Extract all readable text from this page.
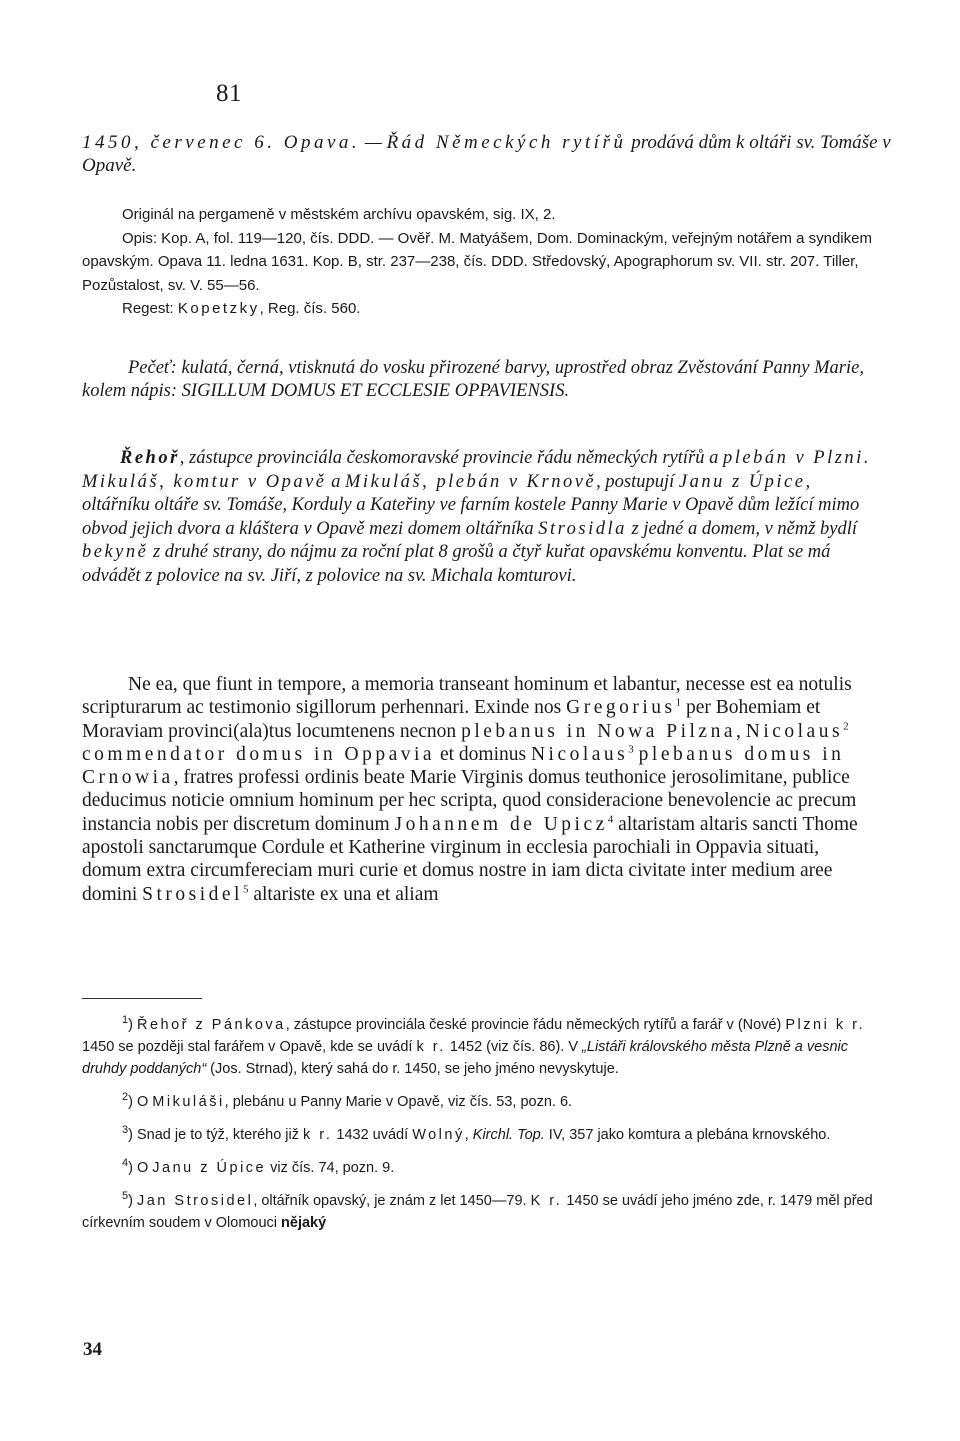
81
1450, červenec 6. Opava. — Řád Německých rytířů prodává dům k oltáři sv. Tomáše v Opavě.

Originál na pergameně v městském archívu opavském, sig. IX, 2.

Opis: Kop. A, fol. 119—120, čís. DDD. — Ověř. M. Matyášem, Dom. Dominackým, veřejným notářem a syndikem opavským. Opava 11. ledna 1631. Kop. B, str. 237—238, čís. DDD. Středovský, Apographorum sv. VII. str. 207. Tiller, Pozůstalost, sv. V. 55—56.

Regest: Kopetzky, Reg. čís. 560.

Pečeť: kulatá, černá, vtisknutá do vosku přirozené barvy, uprostřed obraz Zvěstování Panny Marie, kolem nápis: SIGILLUM DOMUS ET ECCLESIE OPPAVIENSIS.

Řehoř, zástupce provinciála českomoravské provincie řádu německých rytířů a plebán v Plzni. Mikuláš, komtur v Opavě a Mikuláš, plebán v Krnově, postupují Janu z Úpice, oltářníku oltáře sv. Tomáše, Korduly a Kateřiny ve farním kostele Panny Marie v Opavě dům ležící mimo obvod jejich dvora a kláštera v Opavě mezi domem oltářníka Strosidla z jedné a domem, v němž bydlí bekyně z druhé strany, do nájmu za roční plat 8 grošů a čtyř kuřat opavskému konventu. Plat se má odvádět z polovice na sv. Jiří, z polovice na sv. Michala komturovi.

Ne ea, que fiunt in tempore, a memoria transeant hominum et labantur, necesse est ea notulis scripturarum ac testimonio sigillorum perhennari. Exinde nos Gregorius$^1$ per Bohemiam et Moraviam provinci(ala)tus locumtenens necnon plebanus in Nowa Pilzna, Nicolaus$^2$ commendator domus in Oppavia et dominus Nicolaus$^3$ plebanus domus in Crnowia, fratres professi ordinis beate Marie Virginis domus teuthonice jerosolimitane, publice deducimus noticie omnium hominum per hec scripta, quod consideracione benevolencie ac precum instancia nobis per discretum dominum Johannem de Upicz$^4$ altaristam altaris sancti Thome apostoli sanctarumque Cordule et Katherine virginum in ecclesia parochiali in Oppavia situati, domum extra circumfereciam muri curie et domus nostre in iam dicta civitate inter medium aree domini Strosidel$^5$ altariste ex una et aliam

$^1$) Řehoř z Pánkova, zástupce provinciála české provincie řádu německých rytířů a farář v (Nové) Plzni k r. 1450 se později stal farářem v Opavě, kde se uvádí k r. 1452 (viz čís. 86). V „Listáři královského města Plzně a vesnic druhdy poddaných“ (Jos. Strnad), který sahá do r. 1450, se jeho jméno nevyskytuje.

$^2$) O Mikuláši, plebánu u Panny Marie v Opavě, viz čís. 53, pozn. 6.

$^3$) Snad je to týž, kterého již k r. 1432 uvádí Wolný, Kirchl. Top. IV, 357 jako komtura a plebána krnovského.

$^4$) O Janu z Úpice viz čís. 74, pozn. 9.

$^5$) Jan Strosidel, oltářník opavský, je znám z let 1450—79. K r. 1450 se uvádí jeho jméno zde, r. 1479 měl před církevním soudem v Olomouci nějaký

34
